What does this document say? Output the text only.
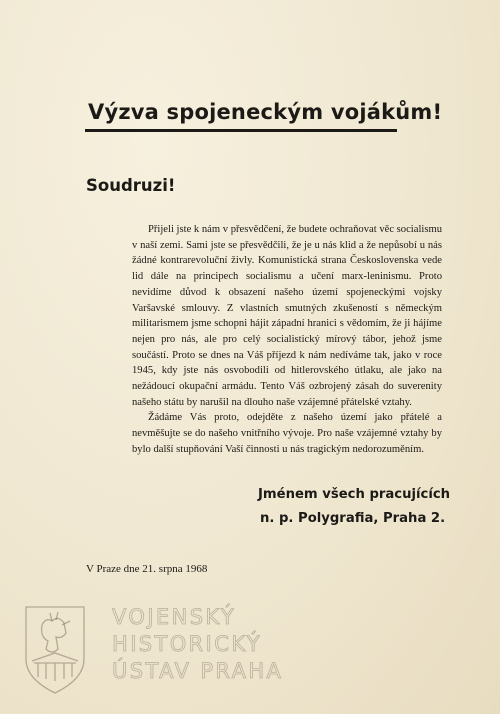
Výzva spojeneckým vojákům!
Soudruzi!

Přijeli jste k nám v přesvědčení, že budete ochraňovat věc socialismu v naší zemi. Sami jste se přesvědčili, že je u nás klid a že nepůsobí u nás žádné kontrarevoluční živly. Komunistická strana Československa vede lid dále na principech socialismu a učení marx-leninismu. Proto nevidíme důvod k obsazení našeho území spojeneckými vojsky Varšavské smlouvy. Z vlastních smutných zkušeností s německým militarismem jsme schopni hájit západní hranici s vědomím, že ji hájíme nejen pro nás, ale pro celý socialistický mírový tábor, jehož jsme součástí. Proto se dnes na Váš příjezd k nám nedíváme tak, jako v roce 1945, kdy jste nás osvobodili od hitlerovského útlaku, ale jako na nežádoucí okupační armádu. Tento Váš ozbrojený zásah do suverenity našeho státu by narušil na dlouho naše vzájemné přátelské vztahy.

Žádáme Vás proto, odejděte z našeho území jako přátelé a nevměšujte se do našeho vnitřního vývoje. Pro naše vzájemné vztahy by bylo další stupňování Vaší činnosti u nás tragickým nedorozuměním.

Jménem všech pracujících
n. p. Polygrafia, Praha 2.
V Praze dne 21. srpna 1968
VOJENSKÝ
HISTORICKÝ
ÚSTAV PRAHA
